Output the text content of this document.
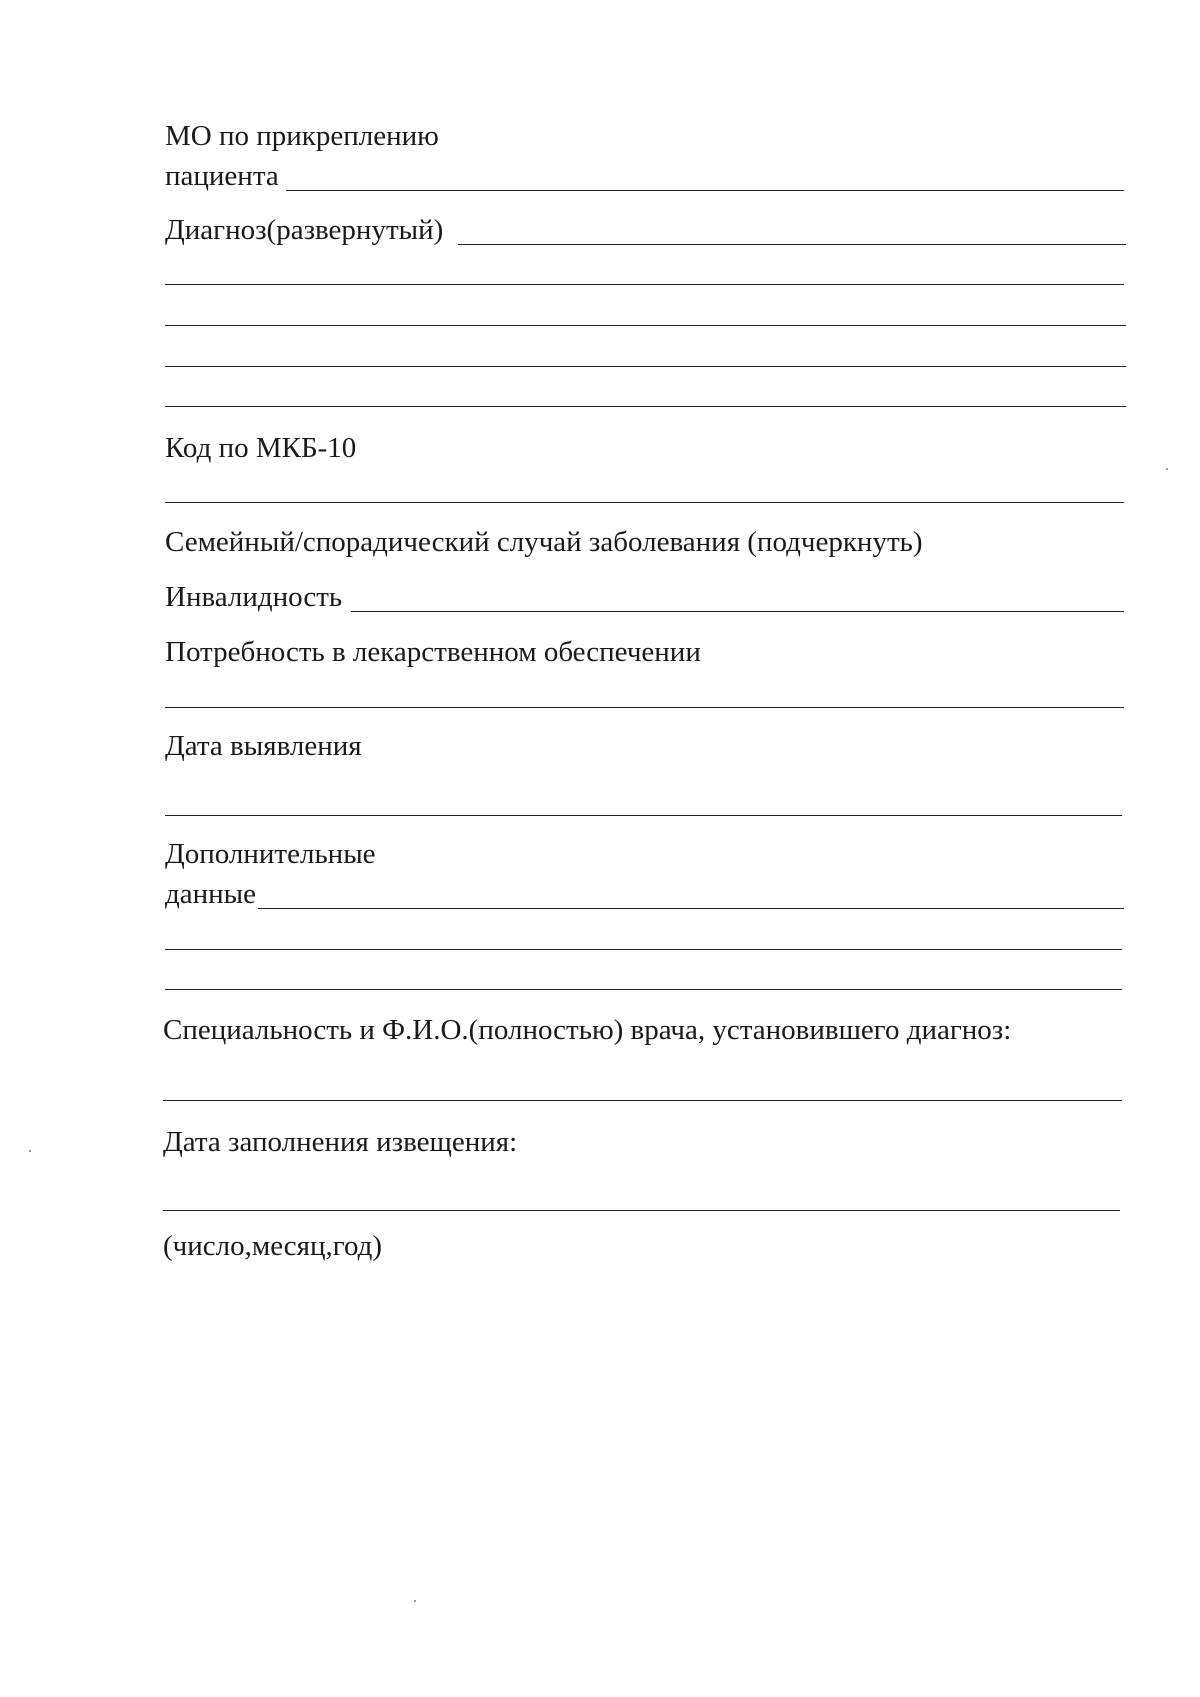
МО по прикреплению
пациента
Диагноз(развернутый)
Код по МКБ-10
Семейный/спорадический случай заболевания (подчеркнуть)
Инвалидность
Потребность в лекарственном обеспечении
Дата выявления
Дополнительные
данные
Специальность и Ф.И.О.(полностью) врача, установившего диагноз:
Дата заполнения извещения:
(число,месяц,год)
